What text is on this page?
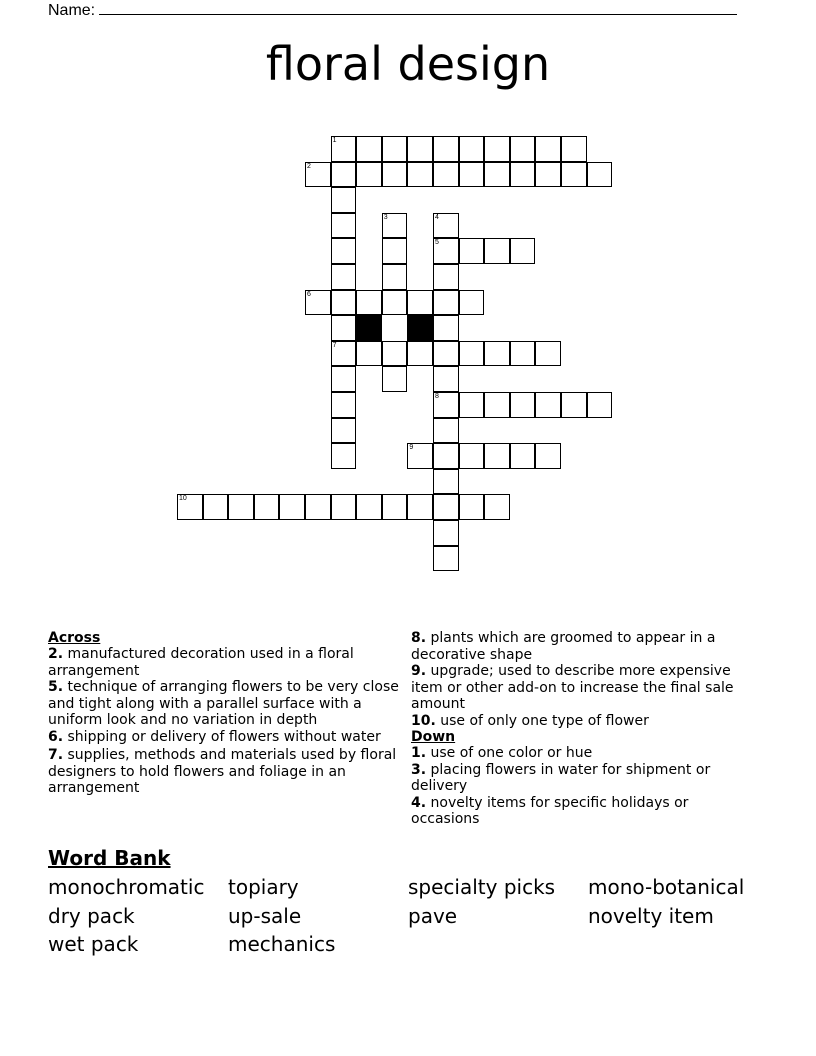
Name:
floral design
1
2
3	4
5
6
7
8
9
10

Across

2. manufactured decoration used in a floral arrangement

5. technique of arranging flowers to be very close and tight along with a parallel surface with a uniform look and no variation in depth

6. shipping or delivery of flowers without water

7. supplies, methods and materials used by floral designers to hold flowers and foliage in an arrangement

8. plants which are groomed to appear in a decorative shape

9. upgrade; used to describe more expensive item or other add-on to increase the final sale amount

10. use of only one type of flower

Down

1. use of one color or hue

3. placing flowers in water for shipment or delivery

4. novelty items for specific holidays or occasions

Word Bank
monochromatic	topiary	specialty picks	mono-botanical
dry pack	up-sale	pave	novelty item
wet pack	mechanics
